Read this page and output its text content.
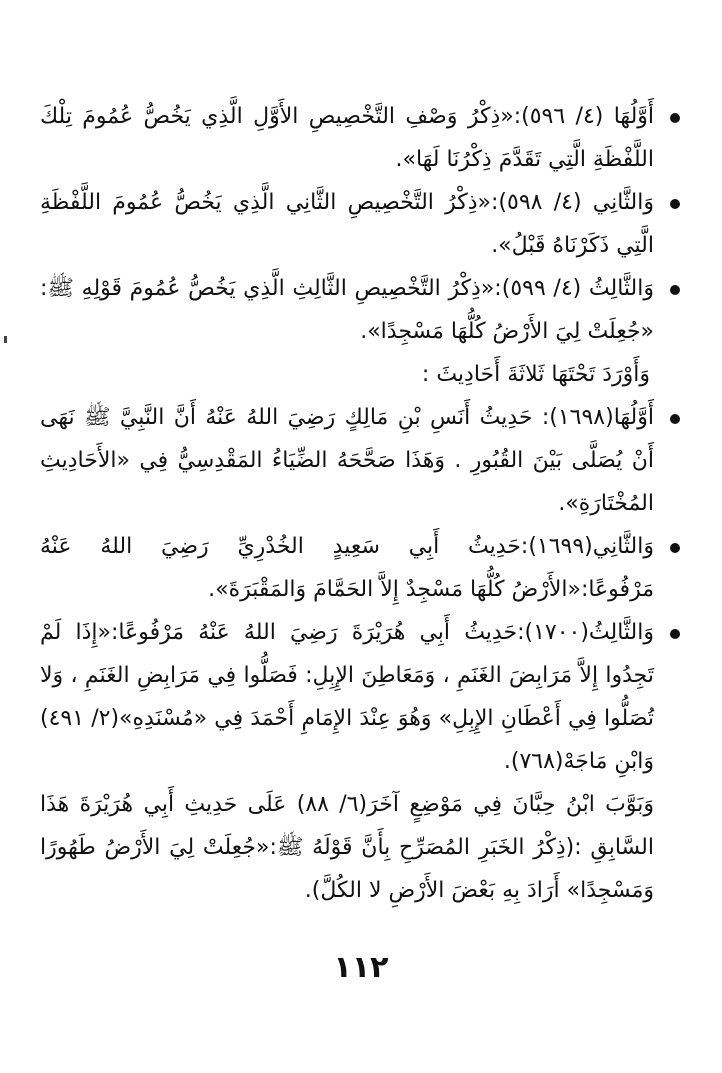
أَوَّلُهَا (٤/ ٥٩٦):«ذِكْرُ وَصْفِ التَّخْصِيصِ الأَوَّلِ الَّذِي يَخُصُّ عُمُومَ تِلْكَ اللَّفْظَةِ الَّتِي تَقَدَّمَ ذِكْرُنَا لَهَا».

وَالثَّانِي (٤/ ٥٩٨):«ذِكْرُ التَّخْصِيصِ الثَّانِي الَّذِي يَخُصُّ عُمُومَ اللَّفْظَةِ الَّتِي ذَكَرْنَاهُ قَبْلُ».

وَالثَّالِثُ (٤/ ٥٩٩):«ذِكْرُ التَّخْصِيصِ الثَّالِثِ الَّذِي يَخُصُّ عُمُومَ قَوْلِهِ ﷺ: «جُعِلَتْ لِيَ الأَرْضُ كُلُّهَا مَسْجِدًا».

وَأَوْرَدَ تَحْتَهَا ثَلاثَةَ أَحَادِيثَ :

أَوَّلُهَا(١٦٩٨): حَدِيثُ أَنَسِ بْنِ مَالِكٍ رَضِيَ اللهُ عَنْهُ أَنَّ النَّبِيَّ ﷺ نَهَى أَنْ يُصَلَّى بَيْنَ القُبُورِ . وَهَذَا صَحَّحَهُ الضِّيَاءُ المَقْدِسِيُّ فِي «الأَحَادِيثِ المُخْتَارَةِ».

وَالثَّانِي(١٦٩٩):حَدِيثُ أَبِي سَعِيدٍ الخُدْرِيِّ رَضِيَ اللهُ عَنْهُ مَرْفُوعًا:«الأَرْضُ كُلُّهَا مَسْجِدٌ إِلاَّ الحَمَّامَ وَالمَقْبَرَةَ».

وَالثَّالِثُ(١٧٠٠):حَدِيثُ أَبِي هُرَيْرَةَ رَضِيَ اللهُ عَنْهُ مَرْفُوعًا:«إِذَا لَمْ تَجِدُوا إِلاَّ مَرَابِضَ الغَنَمِ ، وَمَعَاطِنَ الإِبِلِ: فَصَلُّوا فِي مَرَابِضِ الغَنَمِ ، وَلا تُصَلُّوا فِي أَعْطَانِ الإِبِلِ» وَهُوَ عِنْدَ الإِمَامِ أَحْمَدَ فِي «مُسْنَدِهِ»(٢/ ٤٩١) وَابْنِ مَاجَهْ(٧٦٨).

وَبَوَّبَ ابْنُ حِبَّانَ فِي مَوْضِعٍ آخَرَ(٦/ ٨٨) عَلَى حَدِيثِ أَبِي هُرَيْرَةَ هَذَا السَّابِقِ :(ذِكْرُ الخَبَرِ المُصَرِّحِ بِأَنَّ قَوْلَهُ ﷺ:«جُعِلَتْ لِيَ الأَرْضُ طَهُورًا وَمَسْجِدًا» أَرَادَ بِهِ بَعْضَ الأَرْضِ لا الكُلَّ).

١١٢
